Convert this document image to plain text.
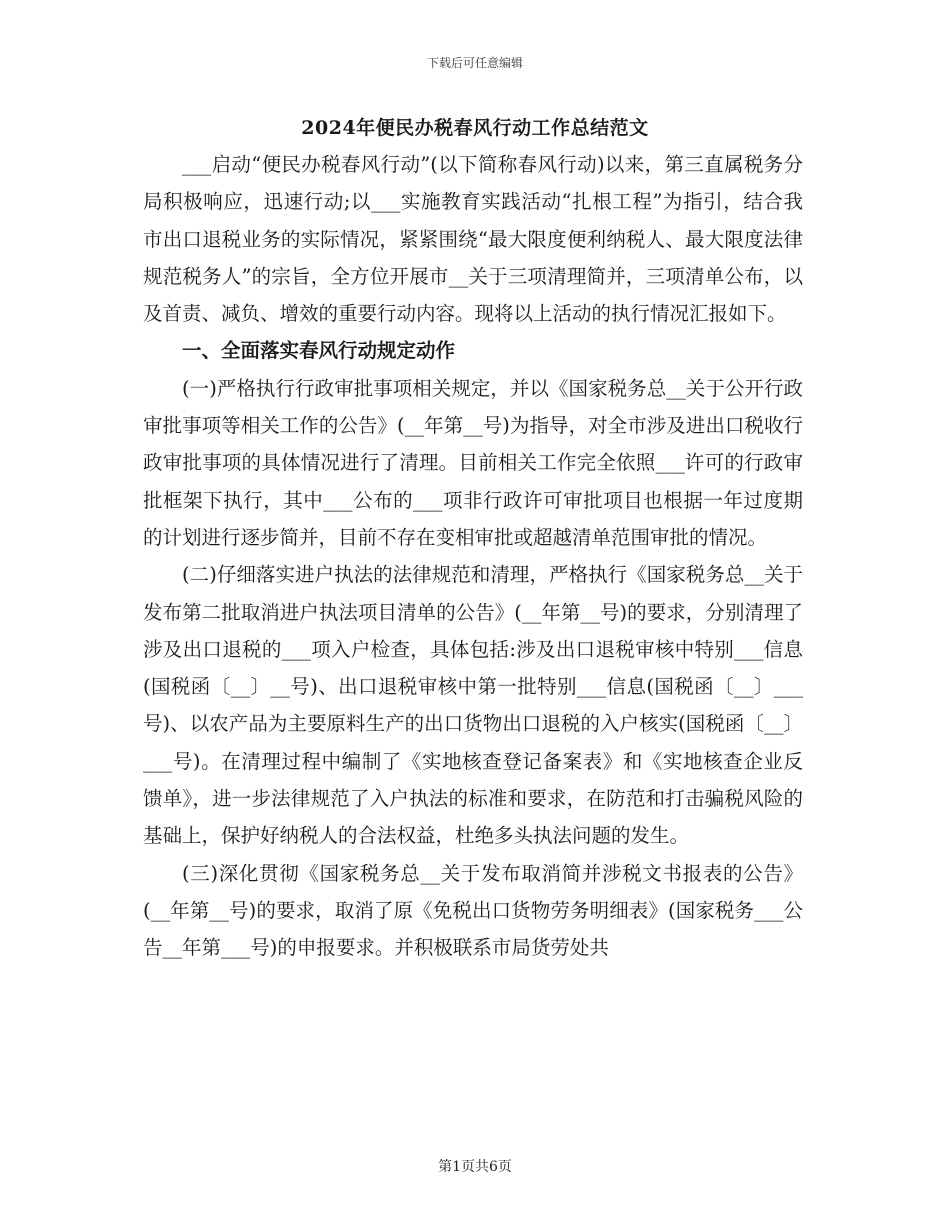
下载后可任意编辑
2024年便民办税春风行动工作总结范文

___启动“便民办税春风行动”(以下简称春风行动)以来，第三直属税务分局积极响应，迅速行动;以___实施教育实践活动“扎根工程”为指引，结合我市出口退税业务的实际情况，紧紧围绕“最大限度便利纳税人、最大限度法律规范税务人”的宗旨，全方位开展市__关于三项清理简并，三项清单公布，以及首责、减负、增效的重要行动内容。现将以上活动的执行情况汇报如下。

一、全面落实春风行动规定动作

(一)严格执行行政审批事项相关规定，并以《国家税务总__关于公开行政审批事项等相关工作的公告》(__年第__号)为指导，对全市涉及进出口税收行政审批事项的具体情况进行了清理。目前相关工作完全依照___许可的行政审批框架下执行，其中___公布的___项非行政许可审批项目也根据一年过度期的计划进行逐步简并，目前不存在变相审批或超越清单范围审批的情况。

(二)仔细落实进户执法的法律规范和清理，严格执行《国家税务总__关于发布第二批取消进户执法项目清单的公告》(__年第__号)的要求，分别清理了涉及出口退税的___项入户检查，具体包括:涉及出口退税审核中特别___信息(国税函〔__〕__号)、出口退税审核中第一批特别___信息(国税函〔__〕___号)、以农产品为主要原料生产的出口货物出口退税的入户核实(国税函〔__〕___号)。在清理过程中编制了《实地核查登记备案表》和《实地核查企业反馈单》，进一步法律规范了入户执法的标准和要求，在防范和打击骗税风险的基础上，保护好纳税人的合法权益，杜绝多头执法问题的发生。

(三)深化贯彻《国家税务总__关于发布取消简并涉税文书报表的公告》(__年第__号)的要求，取消了原《免税出口货物劳务明细表》(国家税务___公告__年第___号)的申报要求。并积极联系市局货劳处共

第1页共6页
